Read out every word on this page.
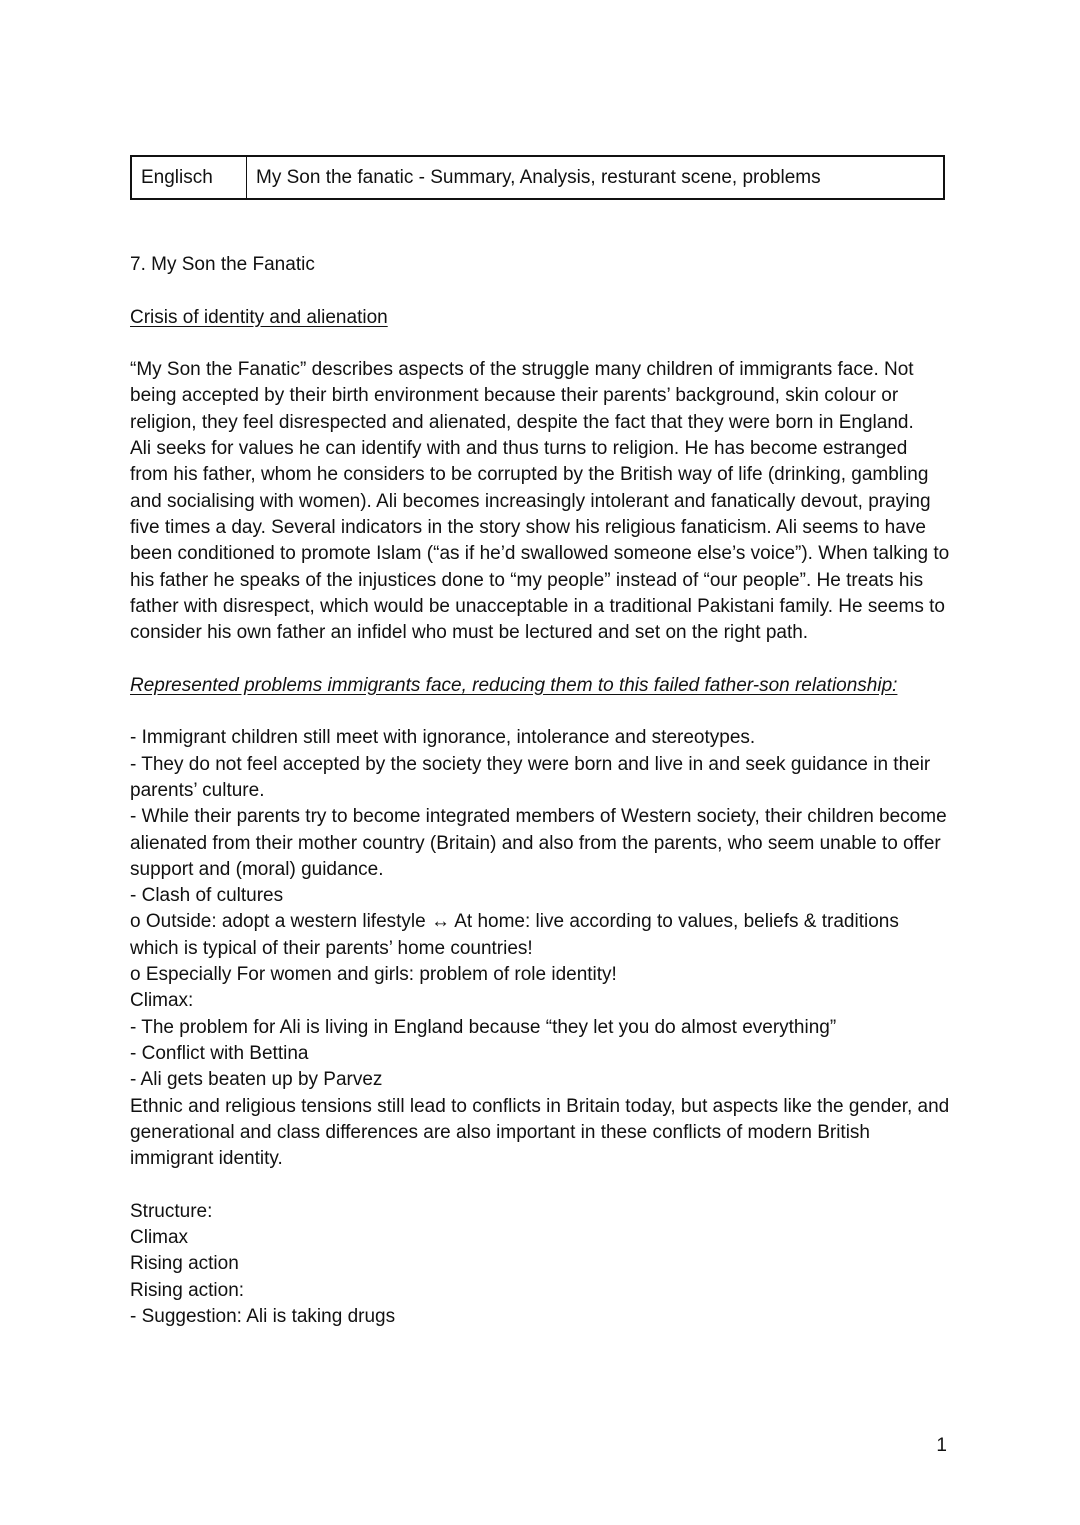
Englisch	My Son the fanatic - Summary, Analysis, resturant scene, problems

7. My Son the Fanatic

Crisis of identity and alienation

“My Son the Fanatic” describes aspects of the struggle many children of immigrants face. Not being accepted by their birth environment because their parents’ background, skin colour or religion, they feel disrespected and alienated, despite the fact that they were born in England.

Ali seeks for values he can identify with and thus turns to religion. He has become estranged from his father, whom he considers to be corrupted by the British way of life (drinking, gambling and socialising with women). Ali becomes increasingly intolerant and fanatically devout, praying five times a day. Several indicators in the story show his religious fanaticism. Ali seems to have been conditioned to promote Islam (“as if he’d swallowed someone else’s voice”). When talking to his father he speaks of the injustices done to “my people” instead of “our people”. He treats his father with disrespect, which would be unacceptable in a traditional Pakistani family. He seems to consider his own father an infidel who must be lectured and set on the right path.

Represented problems immigrants face, reducing them to this failed father-son relationship:

- Immigrant children still meet with ignorance, intolerance and stereotypes.

- They do not feel accepted by the society they were born and live in and seek guidance in their parents’ culture.

- While their parents try to become integrated members of Western society, their children become alienated from their mother country (Britain) and also from the parents, who seem unable to offer support and (moral) guidance.

- Clash of cultures

o Outside: adopt a western lifestyle ↔ At home: live according to values, beliefs & traditions which is typical of their parents’ home countries!

o Especially For women and girls: problem of role identity!

Climax:

- The problem for Ali is living in England because “they let you do almost everything”

- Conflict with Bettina

- Ali gets beaten up by Parvez

Ethnic and religious tensions still lead to conflicts in Britain today, but aspects like the gender, and generational and class differences are also important in these conflicts of modern British immigrant identity.

Structure:

Climax

Rising action

Rising action:

- Suggestion: Ali is taking drugs

1
